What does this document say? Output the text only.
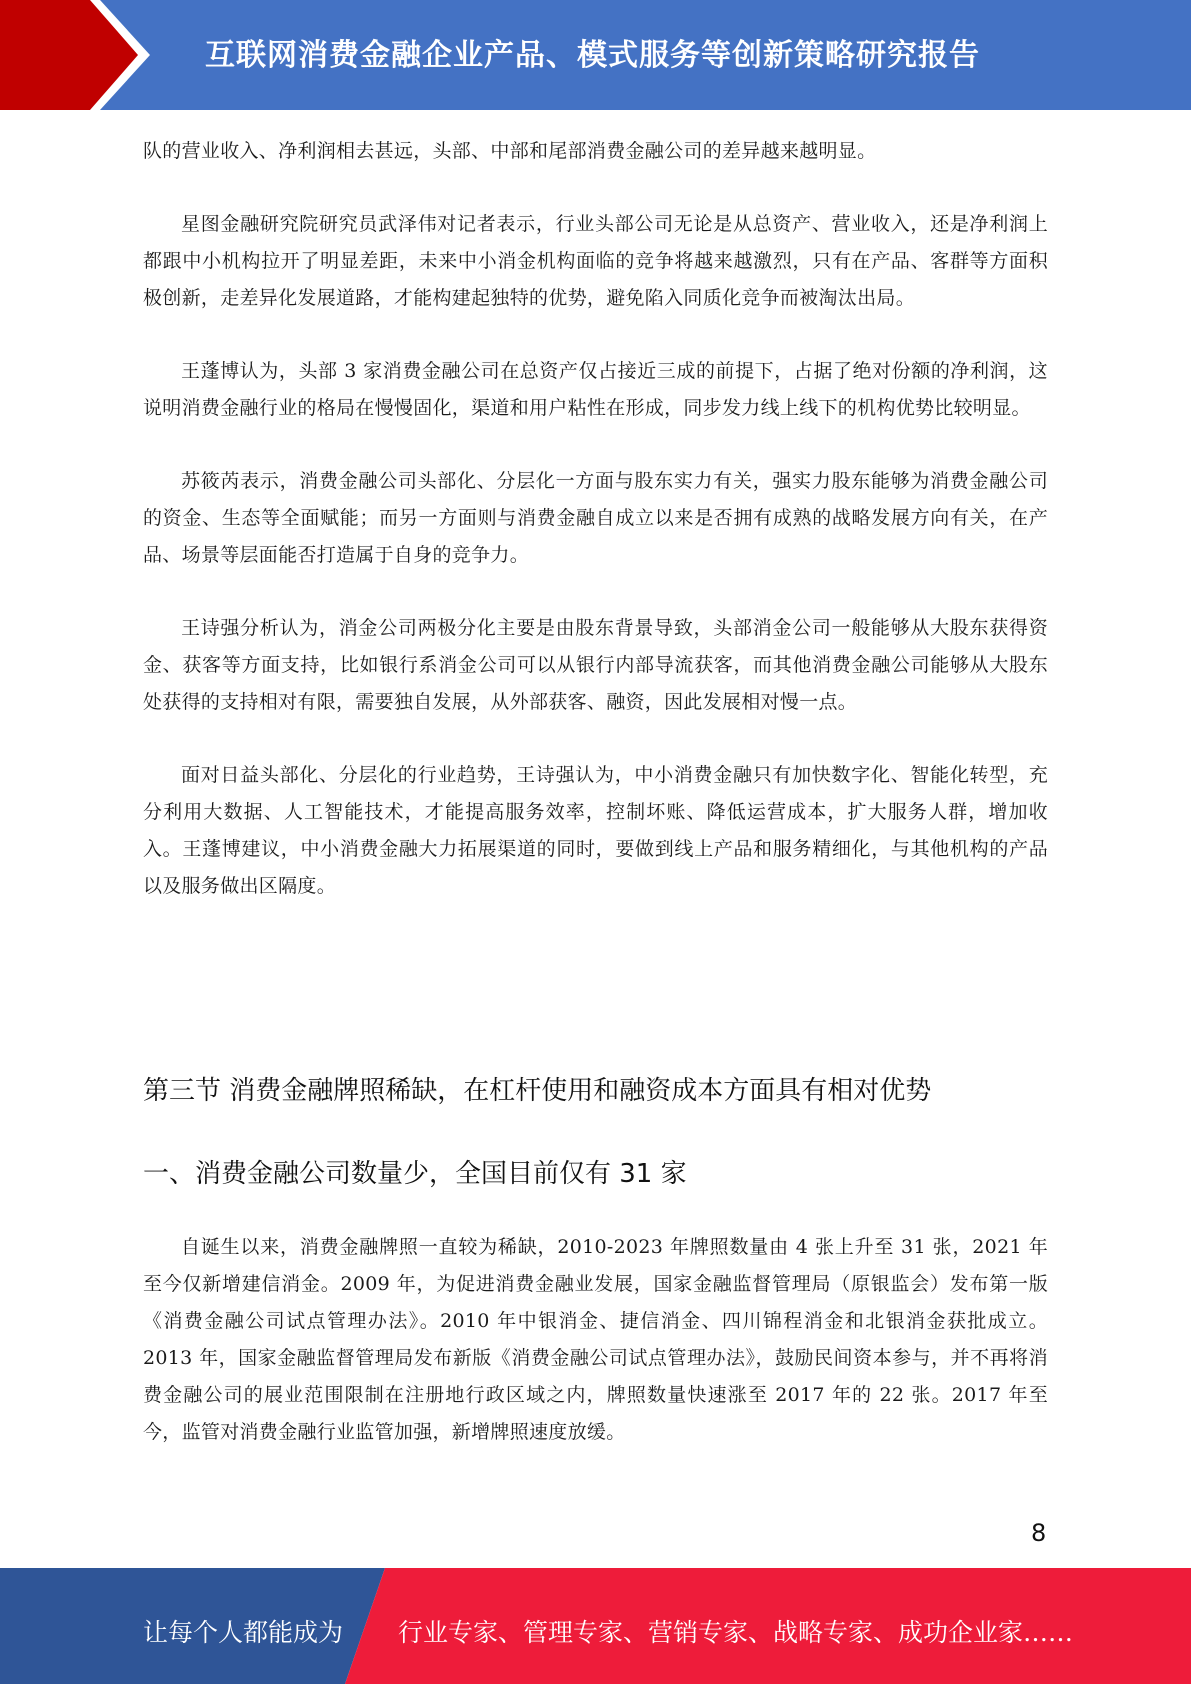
互联网消费金融企业产品、模式服务等创新策略研究报告

队的营业收入、净利润相去甚远，头部、中部和尾部消费金融公司的差异越来越明显。

星图金融研究院研究员武泽伟对记者表示，行业头部公司无论是从总资产、营业收入，还是净利润上都跟中小机构拉开了明显差距，未来中小消金机构面临的竞争将越来越激烈，只有在产品、客群等方面积极创新，走差异化发展道路，才能构建起独特的优势，避免陷入同质化竞争而被淘汰出局。

王蓬博认为，头部 3 家消费金融公司在总资产仅占接近三成的前提下，占据了绝对份额的净利润，这说明消费金融行业的格局在慢慢固化，渠道和用户粘性在形成，同步发力线上线下的机构优势比较明显。

苏筱芮表示，消费金融公司头部化、分层化一方面与股东实力有关，强实力股东能够为消费金融公司的资金、生态等全面赋能；而另一方面则与消费金融自成立以来是否拥有成熟的战略发展方向有关，在产品、场景等层面能否打造属于自身的竞争力。

王诗强分析认为，消金公司两极分化主要是由股东背景导致，头部消金公司一般能够从大股东获得资金、获客等方面支持，比如银行系消金公司可以从银行内部导流获客，而其他消费金融公司能够从大股东处获得的支持相对有限，需要独自发展，从外部获客、融资，因此发展相对慢一点。

面对日益头部化、分层化的行业趋势，王诗强认为，中小消费金融只有加快数字化、智能化转型，充分利用大数据、人工智能技术，才能提高服务效率，控制坏账、降低运营成本，扩大服务人群，增加收入。王蓬博建议，中小消费金融大力拓展渠道的同时，要做到线上产品和服务精细化，与其他机构的产品以及服务做出区隔度。

第三节 消费金融牌照稀缺，在杠杆使用和融资成本方面具有相对优势
一、消费金融公司数量少，全国目前仅有 31 家

自诞生以来，消费金融牌照一直较为稀缺，2010-2023 年牌照数量由 4 张上升至 31 张，2021 年至今仅新增建信消金。2009 年，为促进消费金融业发展，国家金融监督管理局（原银监会）发布第一版《消费金融公司试点管理办法》。2010 年中银消金、捷信消金、四川锦程消金和北银消金获批成立。2013 年，国家金融监督管理局发布新版《消费金融公司试点管理办法》，鼓励民间资本参与，并不再将消费金融公司的展业范围限制在注册地行政区域之内，牌照数量快速涨至 2017 年的 22 张。2017 年至今，监管对消费金融行业监管加强，新增牌照速度放缓。

8
让每个人都能成为 行业专家、管理专家、营销专家、战略专家、成功企业家……
